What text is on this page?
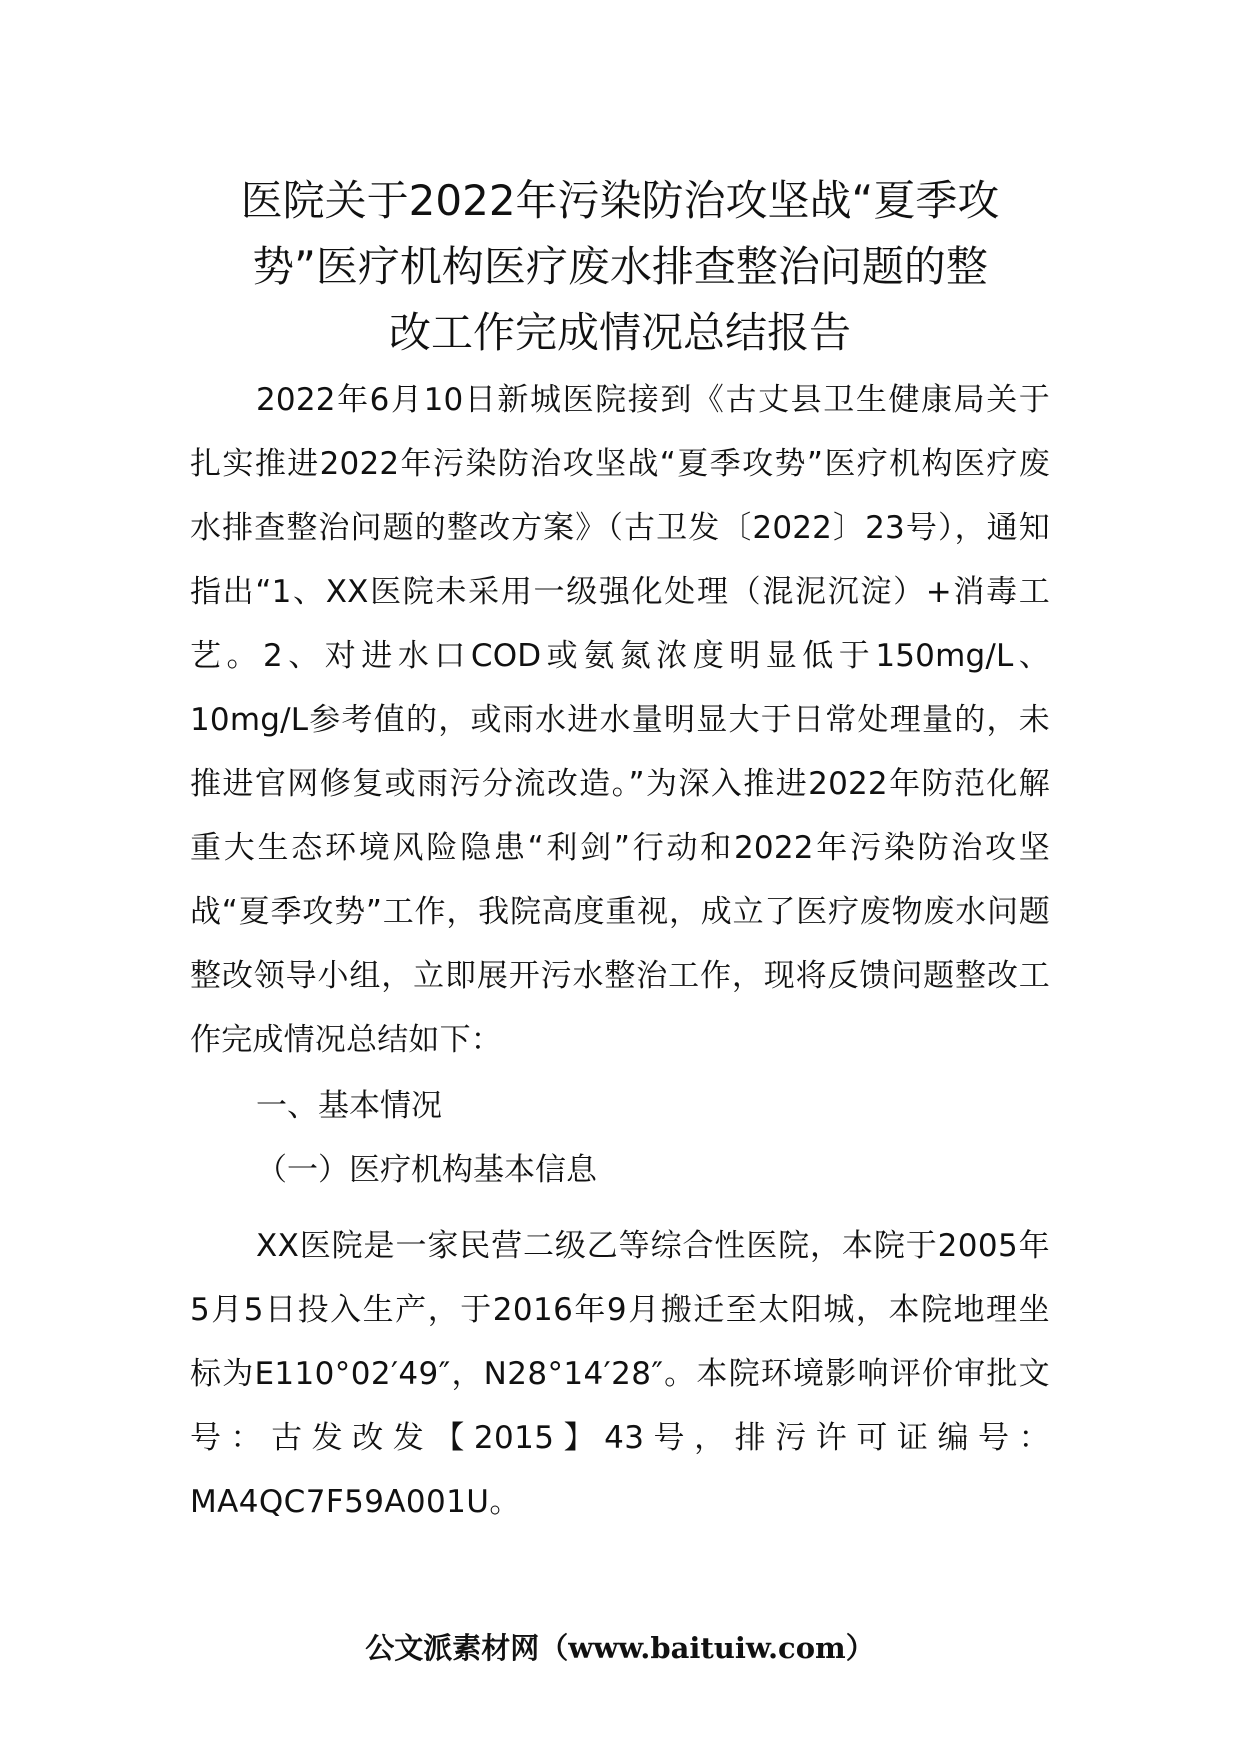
医院关于2022年污染防治攻坚战“夏季攻
势”医疗机构医疗废水排查整治问题的整
改工作完成情况总结报告

2022年6月10日新城医院接到《古丈县卫生健康局关于扎实推进2022年污染防治攻坚战“夏季攻势”医疗机构医疗废水排查整治问题的整改方案》（古卫发〔2022〕23号），通知指出“1、XX医院未采用一级强化处理（混泥沉淀）+消毒工艺。2、对进水口COD或氨氮浓度明显低于150mg/L、10mg/L参考值的，或雨水进水量明显大于日常处理量的，未推进官网修复或雨污分流改造。”为深入推进2022年防范化解重大生态环境风险隐患“利剑”行动和2022年污染防治攻坚战“夏季攻势”工作，我院高度重视，成立了医疗废物废水问题整改领导小组，立即展开污水整治工作，现将反馈问题整改工作完成情况总结如下：

一、基本情况

（一）医疗机构基本信息

XX医院是一家民营二级乙等综合性医院，本院于2005年5月5日投入生产，于2016年9月搬迁至太阳城，本院地理坐标为E110°02′49″，N28°14′28″。本院环境影响评价审批文号：古发改发【2015】43号，排污许可证编号：MA4QC7F59A001U。

公文派素材网（www.baituiw.com）
